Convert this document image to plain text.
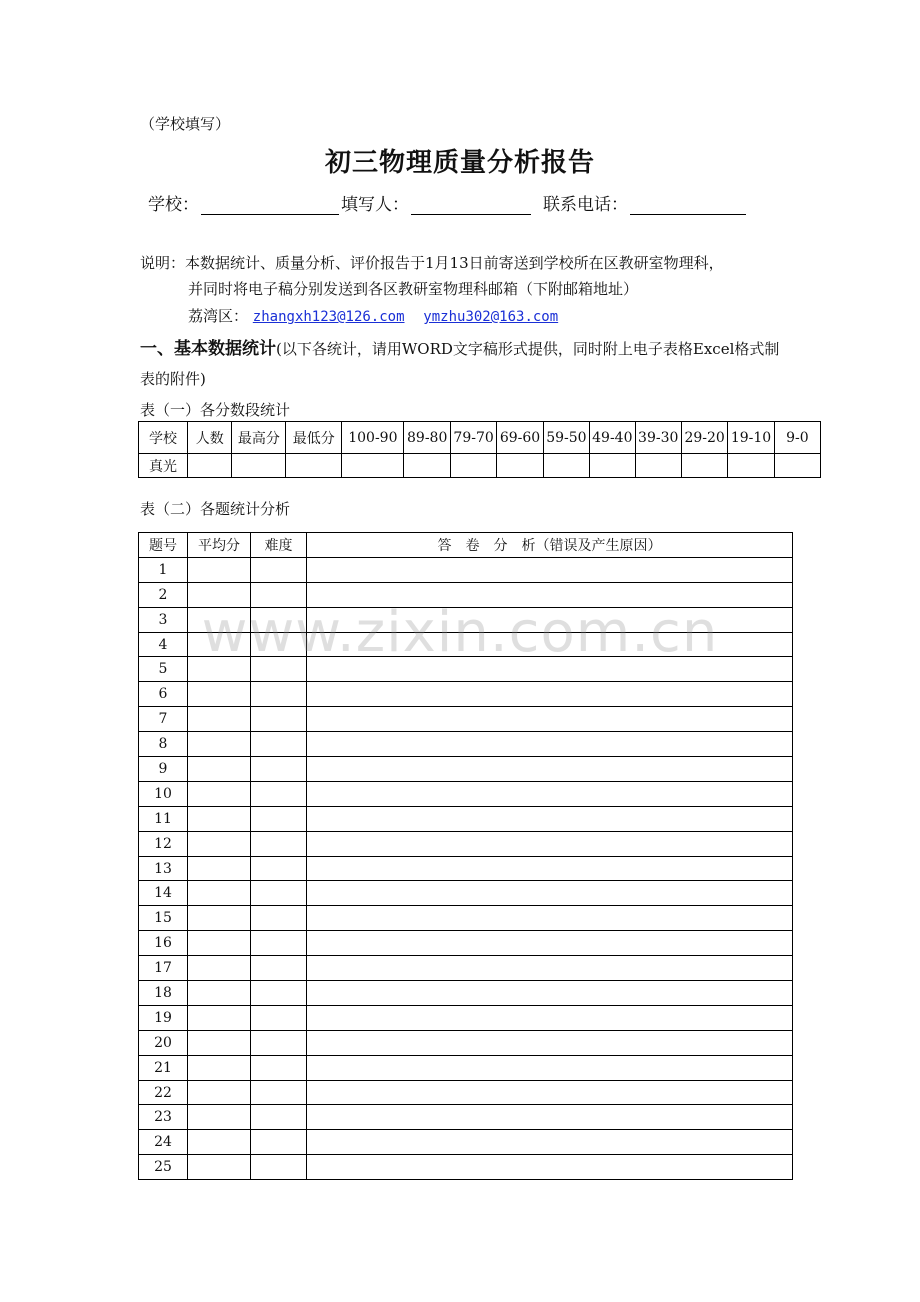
（学校填写）
初三物理质量分析报告
学校：	填写人：	联系电话：
说明：本数据统计、质量分析、评价报告于1月13日前寄送到学校所在区教研室物理科，
并同时将电子稿分别发送到各区教研室物理科邮箱（下附邮箱地址）
荔湾区： zhangxh123@126.com ymzhu302@163.com
一、基本数据统计(以下各统计，请用WORD文字稿形式提供，同时附上电子表格Excel格式制表的附件)
表（一）各分数段统计
学校	人数	最高分	最低分	100-90	89-80	79-70	69-60	59-50	49-40	39-30	29-20	19-10	9-0
真光													
表（二）各题统计分析
题号	平均分	难度	答　卷　分　析（错误及产生原因）
1			
2			
3			
4			
5			
6			
7			
8			
9			
10			
11			
12			
13			
14			
15			
16			
17			
18			
19			
20			
21			
22			
23			
24			
25			
www.zixin.com.cn
